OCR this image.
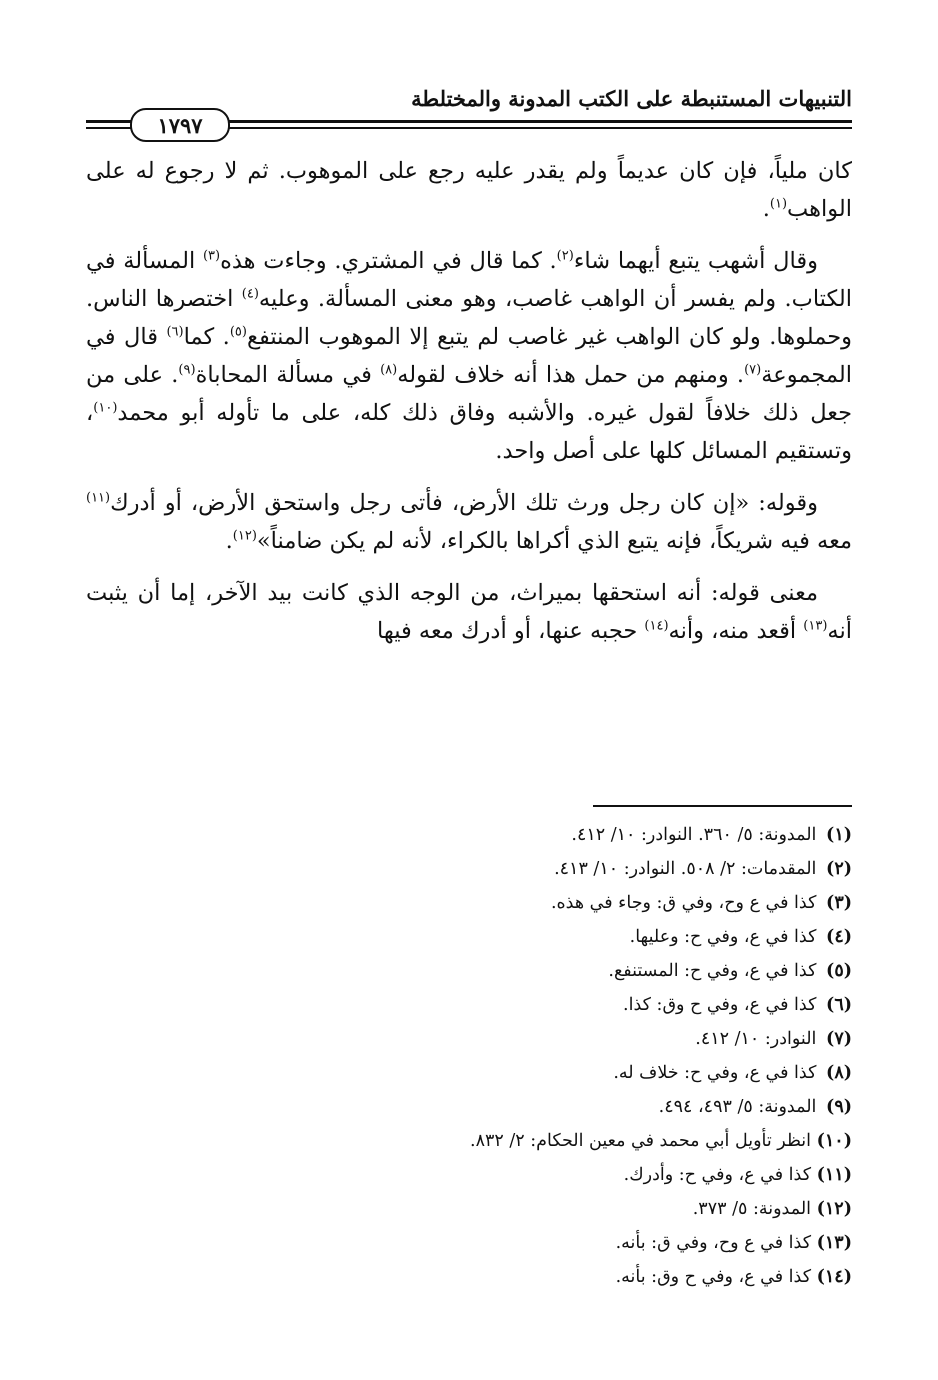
التنبيهات المستنبطة على الكتب المدونة والمختلطة
١٧٩٧

كان ملياً، فإن كان عديماً ولم يقدر عليه رجع على الموهوب. ثم لا رجوع له على الواهب$^{(١)}$.

وقال أشهب يتبع أيهما شاء$^{(٢)}$. كما قال في المشتري. وجاءت هذه$^{(٣)}$ المسألة في الكتاب. ولم يفسر أن الواهب غاصب، وهو معنى المسألة. وعليه$^{(٤)}$ اختصرها الناس. وحملوها. ولو كان الواهب غير غاصب لم يتبع إلا الموهوب المنتفع$^{(٥)}$. كما$^{(٦)}$ قال في المجموعة$^{(٧)}$. ومنهم من حمل هذا أنه خلاف لقوله$^{(٨)}$ في مسألة المحاباة$^{(٩)}$. على من جعل ذلك خلافاً لقول غيره. والأشبه وفاق ذلك كله، على ما تأوله أبو محمد$^{(١٠)}$، وتستقيم المسائل كلها على أصل واحد.

وقوله: «إن كان رجل ورث تلك الأرض، فأتى رجل واستحق الأرض، أو أدرك$^{(١١)}$ معه فيه شريكاً، فإنه يتبع الذي أكراها بالكراء، لأنه لم يكن ضامناً»$^{(١٢)}$.

معنى قوله: أنه استحقها بميراث، من الوجه الذي كانت بيد الآخر، إما أن يثبت أنه$^{(١٣)}$ أقعد منه، وأنه$^{(١٤)}$ حجبه عنها، أو أدرك معه فيها

(١) المدونة: ٥/ ٣٦٠. النوادر: ١٠/ ٤١٢.
(٢) المقدمات: ٢/ ٥٠٨. النوادر: ١٠/ ٤١٣.
(٣) كذا في ع وح، وفي ق: وجاء في هذه.
(٤) كذا في ع، وفي ح: وعليها.
(٥) كذا في ع، وفي ح: المستنفع.
(٦) كذا في ع، وفي ح وق: كذا.
(٧) النوادر: ١٠/ ٤١٢.
(٨) كذا في ع، وفي ح: خلاف له.
(٩) المدونة: ٥/ ٤٩٣، ٤٩٤.
(١٠) انظر تأويل أبي محمد في معين الحكام: ٢/ ٨٣٢.
(١١) كذا في ع، وفي ح: وأدرك.
(١٢) المدونة: ٥/ ٣٧٣.
(١٣) كذا في ع وح، وفي ق: بأنه.
(١٤) كذا في ع، وفي ح وق: بأنه.
